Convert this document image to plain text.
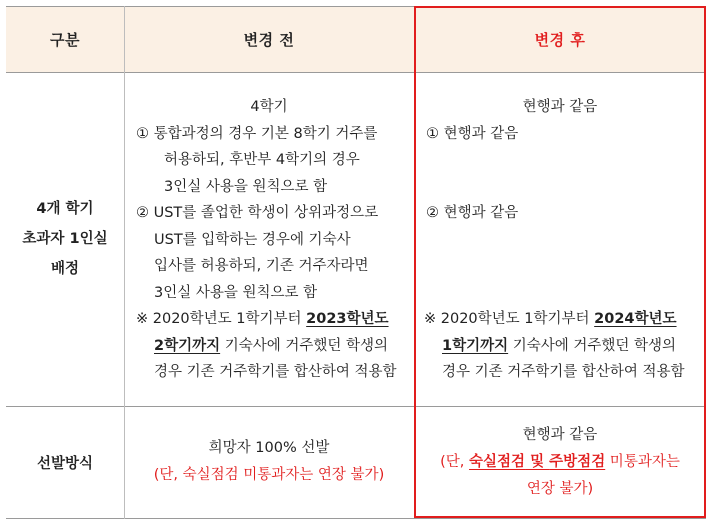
구분	변경 전	변경 후
4개 학기
초과자 1인실
배정
4학기
① 통합과정의 경우 기본 8학기 거주를
허용하되, 후반부 4학기의 경우
3인실 사용을 원칙으로 함
② UST를 졸업한 학생이 상위과정으로
UST를 입학하는 경우에 기숙사
입사를 허용하되, 기존 거주자라면
3인실 사용을 원칙으로 함
※ 2020학년도 1학기부터 2023학년도
2학기까지 기숙사에 거주했던 학생의
경우 기존 거주학기를 합산하여 적용함
현행과 같음
① 현행과 같음
② 현행과 같음
※ 2020학년도 1학기부터 2024학년도
1학기까지 기숙사에 거주했던 학생의
경우 기존 거주학기를 합산하여 적용함
선발방식
희망자 100% 선발
(단, 숙실점검 미통과자는 연장 불가)
현행과 같음
(단, 숙실점검 및 주방점검 미통과자는
연장 불가)
